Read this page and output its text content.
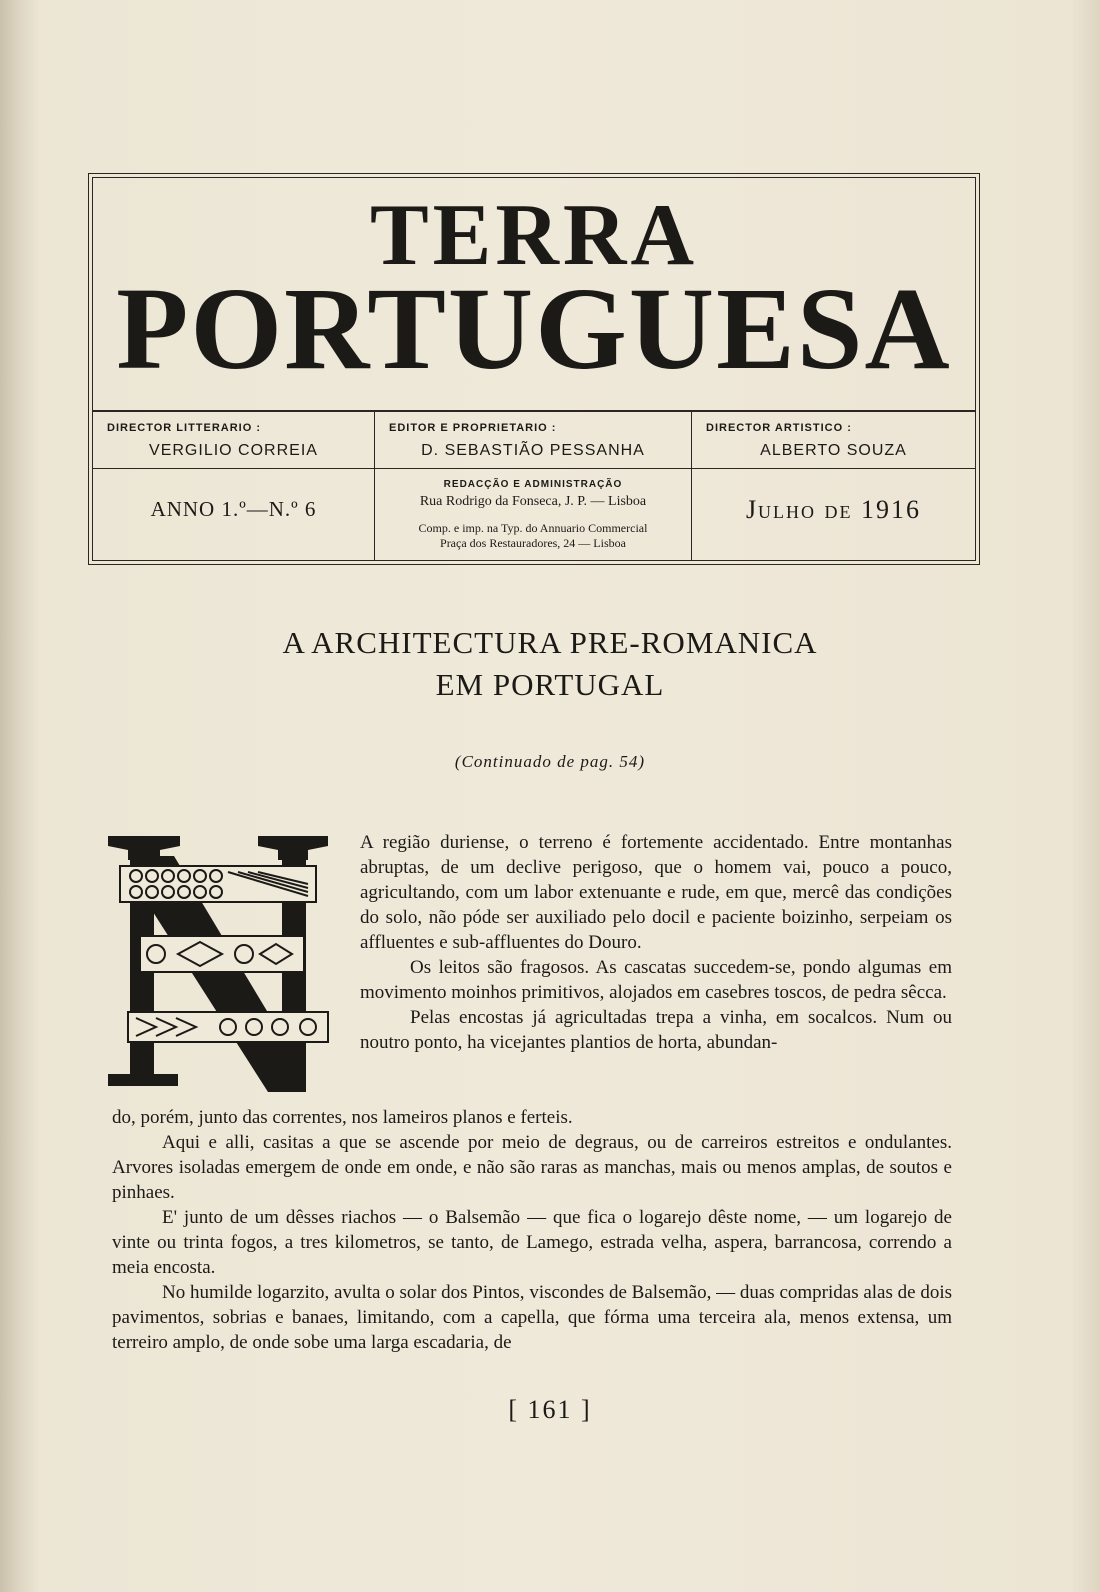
TERRA
PORTUGUESA
DIRECTOR LITTERARIO :
VERGILIO CORREIA
EDITOR E PROPRIETARIO :
D. SEBASTIÃO PESSANHA
DIRECTOR ARTISTICO :
ALBERTO SOUZA
ANNO 1.º—N.º 6
REDACÇÃO E ADMINISTRAÇÃO
Rua Rodrigo da Fonseca, J. P. — Lisboa
Comp. e imp. na Typ. do Annuario Commercial
Praça dos Restauradores, 24 — Lisboa
Julho de 1916
A ARCHITECTURA PRE-ROMANICA
EM PORTUGAL
(Continuado de pag. 54)
A região duriense, o terreno é fortemente accidentado. Entre montanhas abruptas, de um declive perigoso, que o homem vai, pouco a pouco, agricultando, com um labor extenuante e rude, em que, mercê das condições do solo, não póde ser auxiliado pelo docil e paciente boizinho, serpeiam os affluentes e sub-affluentes do Douro.
Os leitos são fragosos. As cascatas succedem-se, pondo algumas em movimento moinhos primitivos, alojados em casebres toscos, de pedra sêcca.
Pelas encostas já agricultadas trepa a vinha, em socalcos. Num ou noutro ponto, ha vicejantes plantios de horta, abundan-
do, porém, junto das correntes, nos lameiros planos e ferteis.
Aqui e alli, casitas a que se ascende por meio de degraus, ou de carreiros estreitos e ondulantes. Arvores isoladas emergem de onde em onde, e não são raras as manchas, mais ou menos amplas, de soutos e pinhaes.
E' junto de um dêsses riachos — o Balsemão — que fica o logarejo dêste nome, — um logarejo de vinte ou trinta fogos, a tres kilometros, se tanto, de Lamego, estrada velha, aspera, barrancosa, correndo a meia encosta.
No humilde logarzito, avulta o solar dos Pintos, viscondes de Balsemão, — duas compridas alas de dois pavimentos, sobrias e banaes, limitando, com a capella, que fórma uma terceira ala, menos extensa, um terreiro amplo, de onde sobe uma larga escadaria, de
[ 161 ]
